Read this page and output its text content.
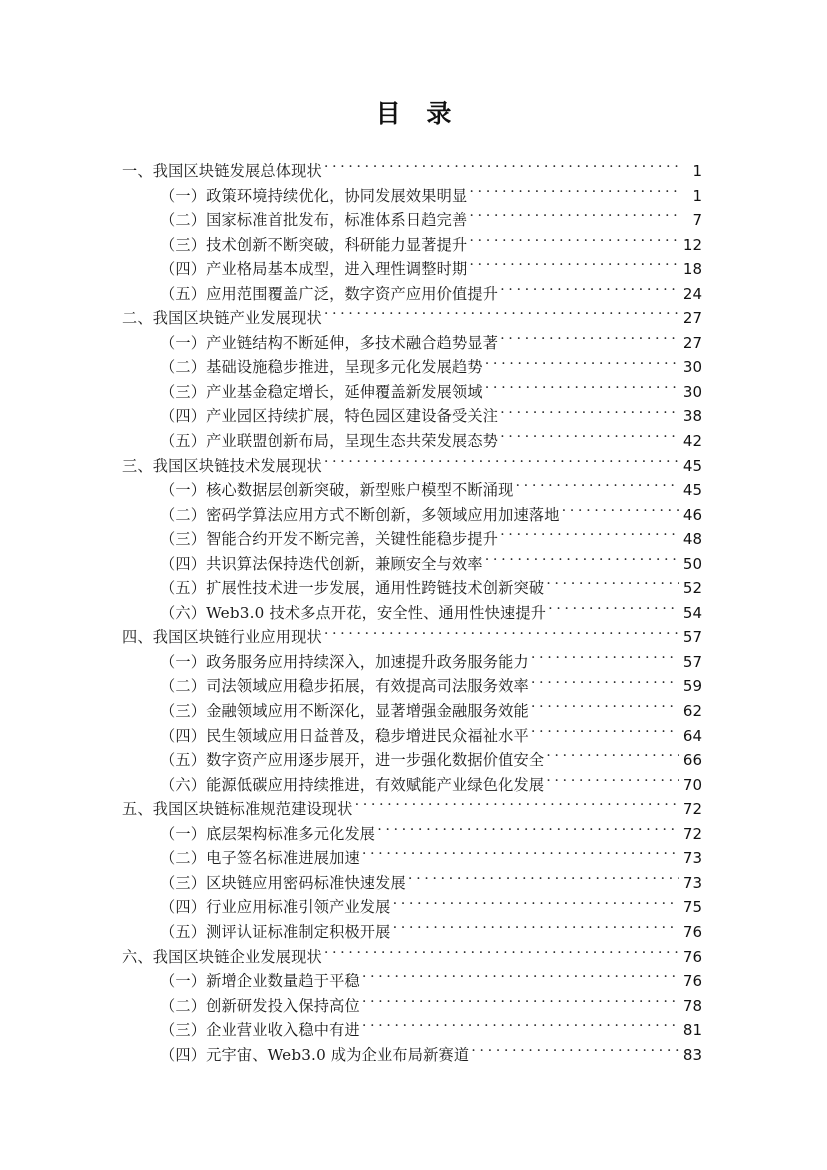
目 录
一、我国区块链发展总体现状 . . .	1
（一）政策环境持续优化，协同发展效果明显 . . .	1
（二）国家标准首批发布，标准体系日趋完善 . . .	7
（三）技术创新不断突破，科研能力显著提升 . . .	12
（四）产业格局基本成型，进入理性调整时期 . . .	18
（五）应用范围覆盖广泛，数字资产应用价值提升 . . .	24
二、我国区块链产业发展现状 . . .	27
（一）产业链结构不断延伸，多技术融合趋势显著 . . .	27
（二）基础设施稳步推进，呈现多元化发展趋势 . . .	30
（三）产业基金稳定增长，延伸覆盖新发展领域 . . .	30
（四）产业园区持续扩展，特色园区建设备受关注 . . .	38
（五）产业联盟创新布局，呈现生态共荣发展态势 . . .	42
三、我国区块链技术发展现状 . . .	45
（一）核心数据层创新突破，新型账户模型不断涌现 . . .	45
（二）密码学算法应用方式不断创新，多领域应用加速落地 . . .	46
（三）智能合约开发不断完善，关键性能稳步提升 . . .	48
（四）共识算法保持迭代创新，兼顾安全与效率 . . .	50
（五）扩展性技术进一步发展，通用性跨链技术创新突破 . . .	52
（六）Web3.0 技术多点开花，安全性、通用性快速提升 . . .	54
四、我国区块链行业应用现状 . . .	57
（一）政务服务应用持续深入，加速提升政务服务能力 . . .	57
（二）司法领域应用稳步拓展，有效提高司法服务效率 . . .	59
（三）金融领域应用不断深化，显著增强金融服务效能 . . .	62
（四）民生领域应用日益普及，稳步增进民众福祉水平 . . .	64
（五）数字资产应用逐步展开，进一步强化数据价值安全 . . .	66
（六）能源低碳应用持续推进，有效赋能产业绿色化发展 . . .	70
五、我国区块链标准规范建设现状 . . .	72
（一）底层架构标准多元化发展 . . .	72
（二）电子签名标准进展加速 . . .	73
（三）区块链应用密码标准快速发展 . . .	73
（四）行业应用标准引领产业发展 . . .	75
（五）测评认证标准制定积极开展 . . .	76
六、我国区块链企业发展现状 . . .	76
（一）新增企业数量趋于平稳 . . .	76
（二）创新研发投入保持高位 . . .	78
（三）企业营业收入稳中有进 . . .	81
（四）元宇宙、Web3.0 成为企业布局新赛道 . . .	83
